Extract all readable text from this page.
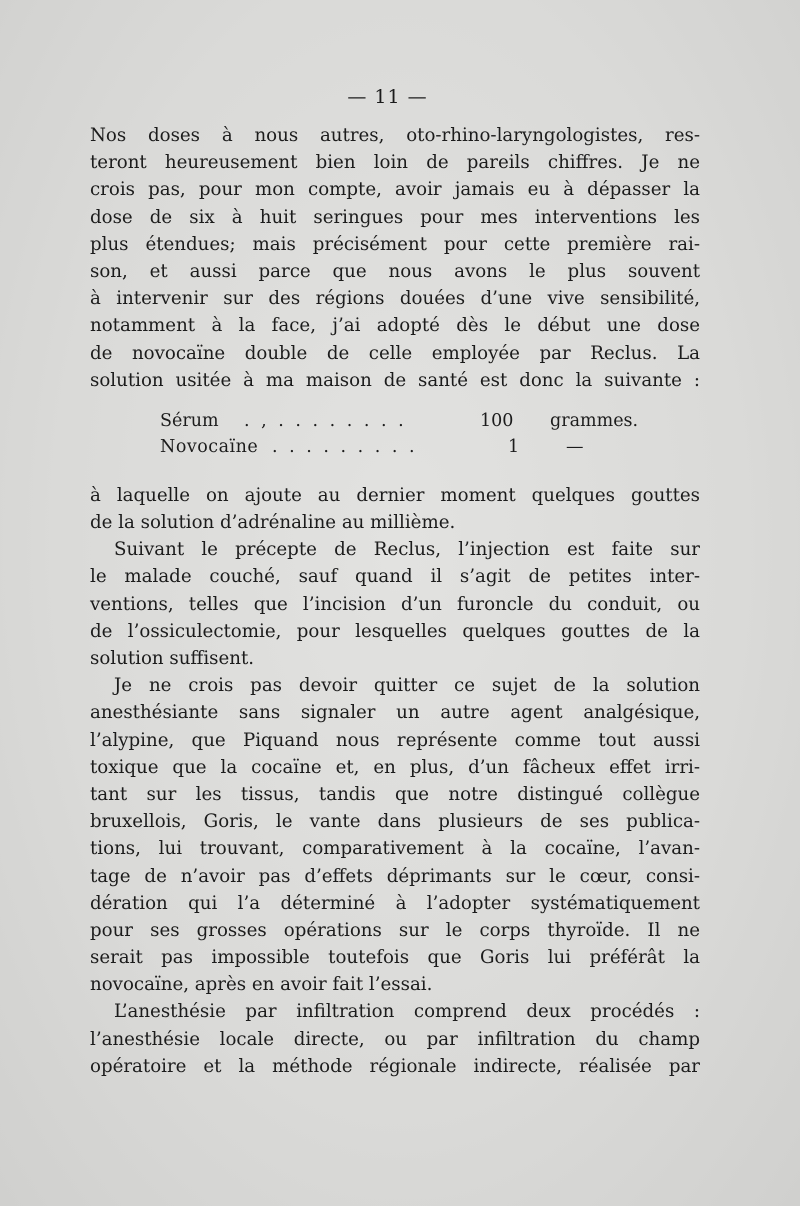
— 11 —
Nos doses à nous autres, oto-rhino-laryngologistes, res-
teront heureusement bien loin de pareils chiffres. Je ne
crois pas, pour mon compte, avoir jamais eu à dépasser la
dose de six à huit seringues pour mes interventions les
plus étendues; mais précisément pour cette première rai-
son, et aussi parce que nous avons le plus souvent
à intervenir sur des régions douées d’une vive sensibilité,
notamment à la face, j’ai adopté dès le début une dose
de novocaïne double de celle employée par Reclus. La
solution usitée à ma maison de santé est donc la suivante :
Sérum . , . . . . . . . .	100 grammes.
Novocaïne . . . . . . . . .	1	—
à laquelle on ajoute au dernier moment quelques gouttes
de la solution d’adrénaline au millième.
Suivant le précepte de Reclus, l’injection est faite sur
le malade couché, sauf quand il s’agit de petites inter-
ventions, telles que l’incision d’un furoncle du conduit, ou
de l’ossiculectomie, pour lesquelles quelques gouttes de la
solution suffisent.
Je ne crois pas devoir quitter ce sujet de la solution
anesthésiante sans signaler un autre agent analgésique,
l’alypine, que Piquand nous représente comme tout aussi
toxique que la cocaïne et, en plus, d’un fâcheux effet irri-
tant sur les tissus, tandis que notre distingué collègue
bruxellois, Goris, le vante dans plusieurs de ses publica-
tions, lui trouvant, comparativement à la cocaïne, l’avan-
tage de n’avoir pas d’effets déprimants sur le cœur, consi-
dération qui l’a déterminé à l’adopter systématiquement
pour ses grosses opérations sur le corps thyroïde. Il ne
serait pas impossible toutefois que Goris lui préférât la
novocaïne, après en avoir fait l’essai.
L’anesthésie par infiltration comprend deux procédés :
l’anesthésie locale directe, ou par infiltration du champ
opératoire et la méthode régionale indirecte, réalisée par
